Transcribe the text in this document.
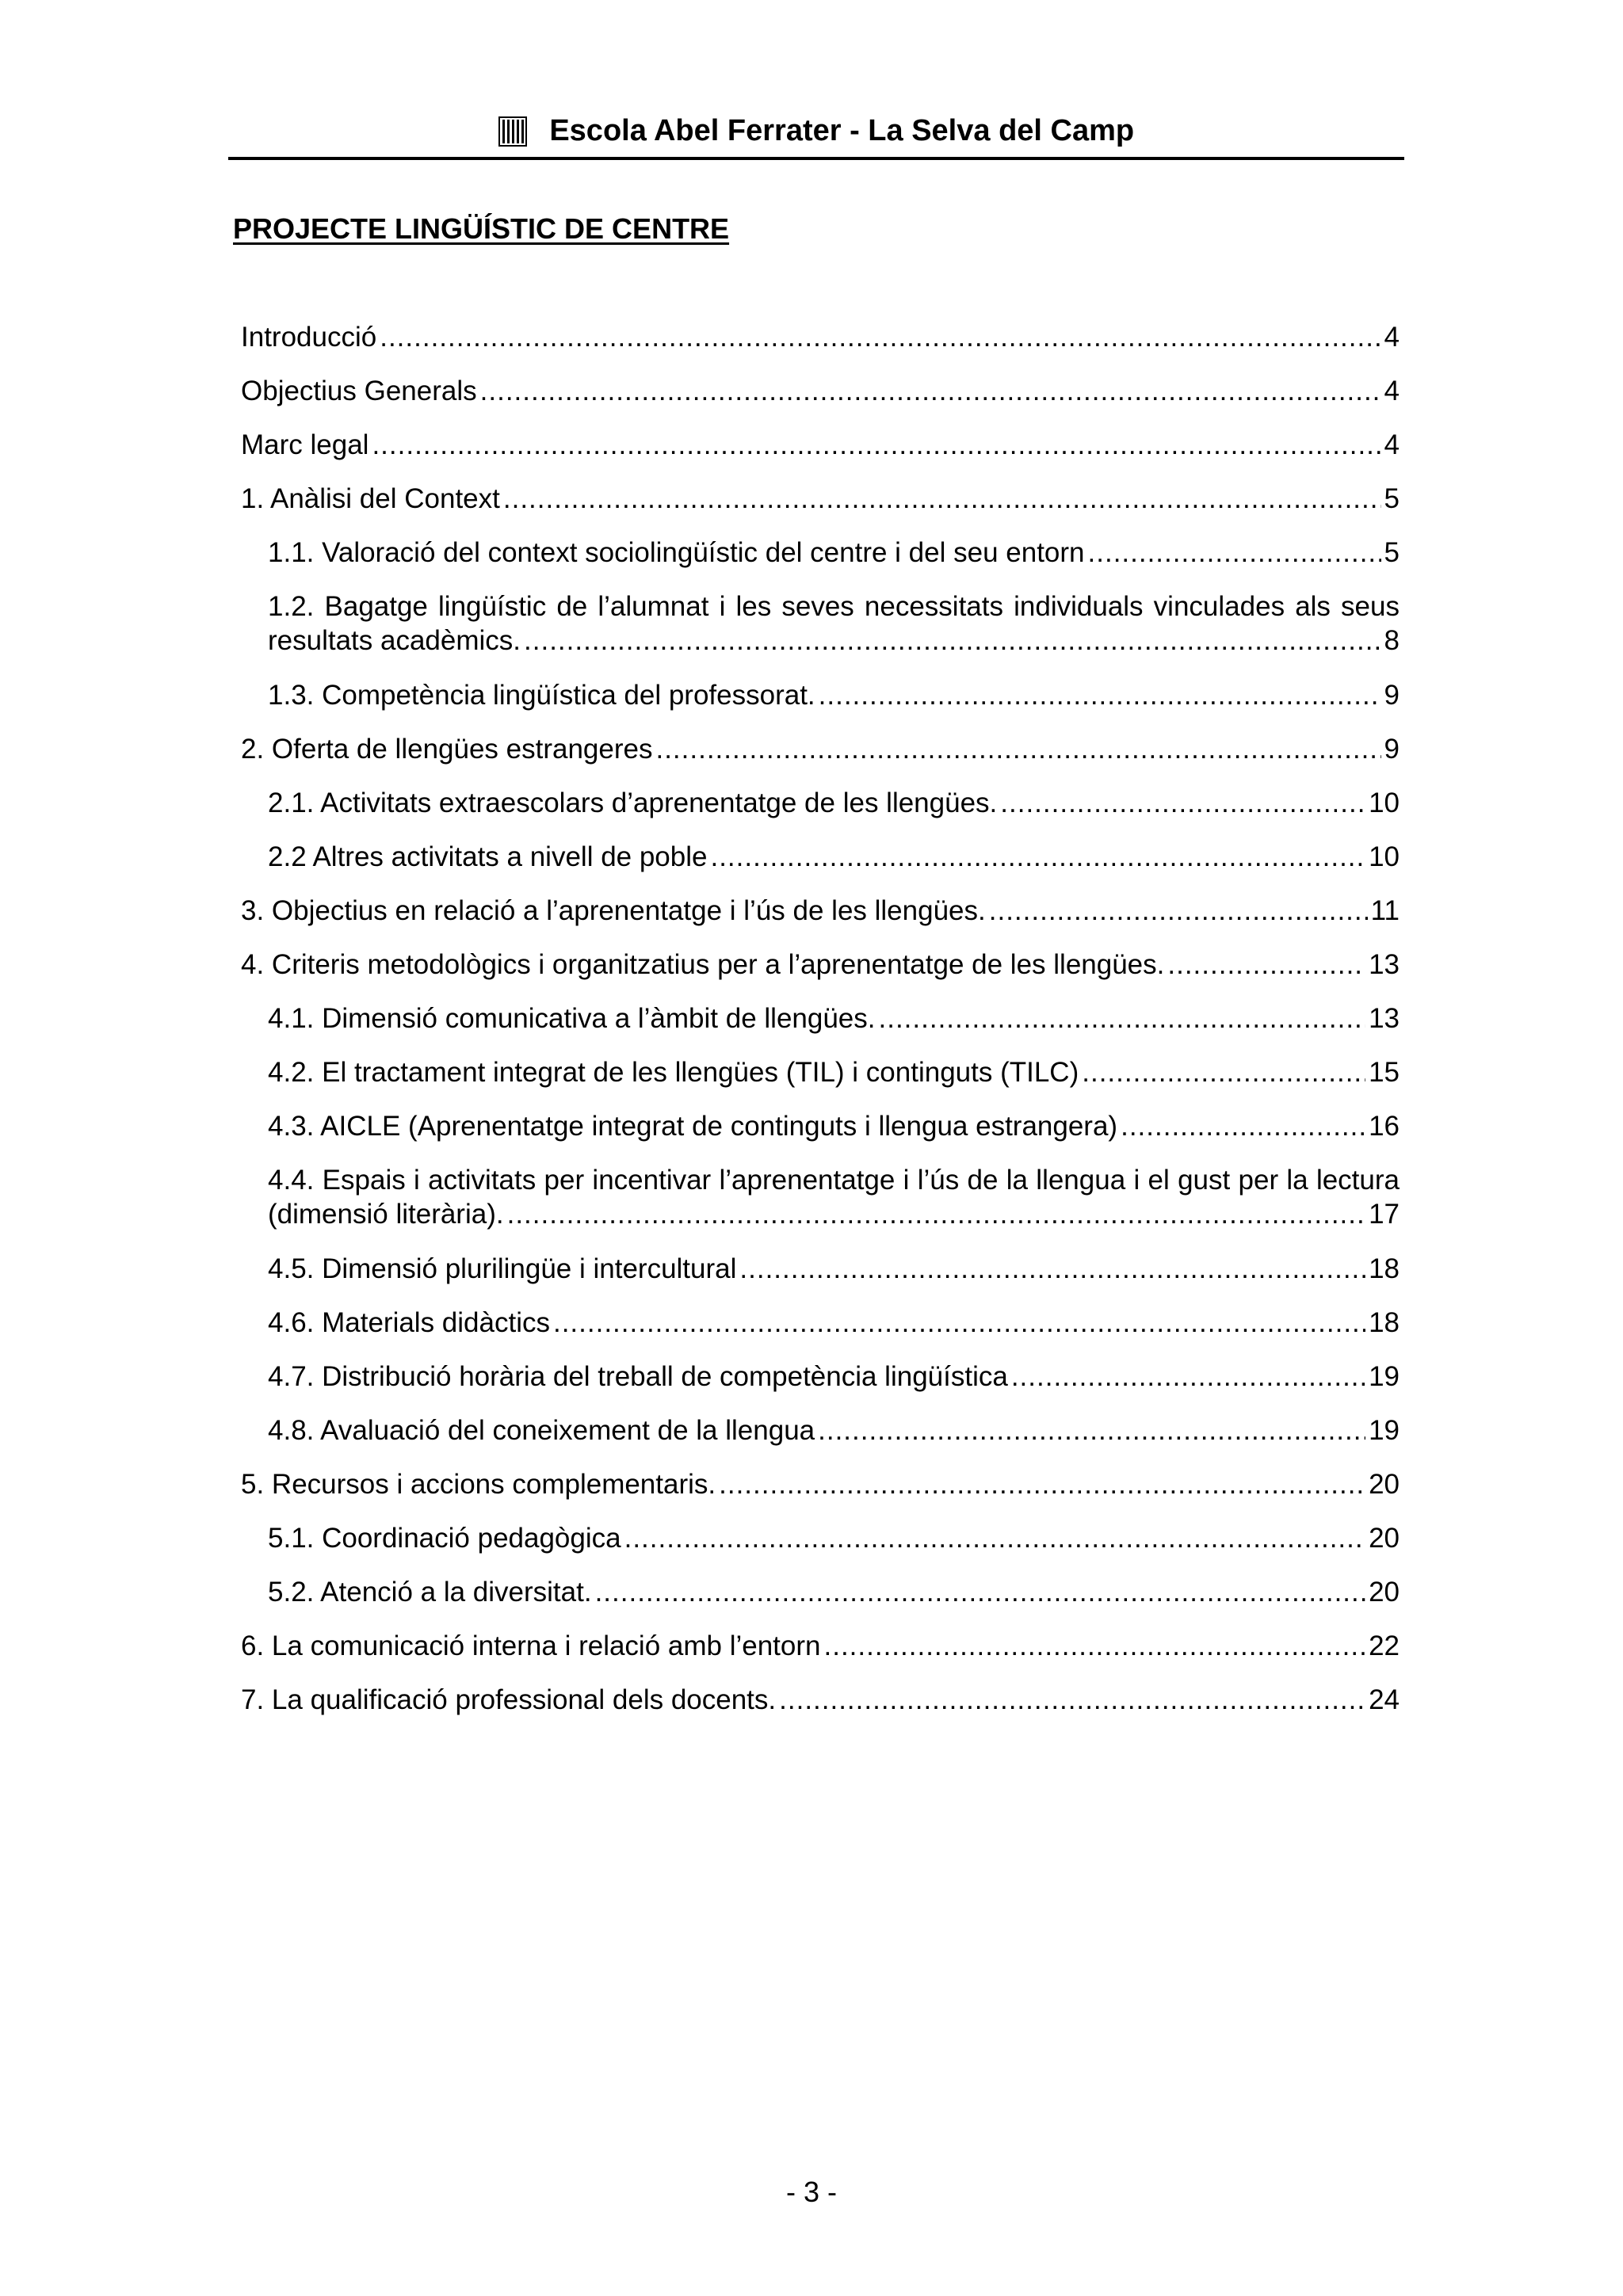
Escola Abel Ferrater - La Selva del Camp
PROJECTE LINGÜÍSTIC DE CENTRE
Introducció .....	4
Objectius Generals .....	4
Marc legal .....	4
1. Anàlisi del Context .....	5
1.1. Valoració del context sociolingüístic del centre i del seu entorn .....	5
1.2. Bagatge lingüístic de l’alumnat i les seves necessitats individuals vinculades als seus
resultats acadèmics. .....	8
1.3. Competència lingüística del professorat. .....	9
2. Oferta de llengües estrangeres .....	9
2.1. Activitats extraescolars d’aprenentatge de les llengües. .....	10
2.2 Altres activitats a nivell de poble .....	10
3. Objectius en relació a l’aprenentatge i l’ús de les llengües. .....	11
4. Criteris metodològics i organitzatius per a l’aprenentatge de les llengües. .....	13
4.1. Dimensió comunicativa a l’àmbit de llengües. .....	13
4.2. El tractament integrat de les llengües (TIL) i continguts (TILC) .....	15
4.3. AICLE (Aprenentatge integrat de continguts i llengua estrangera) .....	16
4.4. Espais i activitats per incentivar l’aprenentatge i l’ús de la llengua i el gust per la lectura
(dimensió literària). .....	17
4.5. Dimensió plurilingüe i intercultural .....	18
4.6. Materials didàctics .....	18
4.7. Distribució horària del treball de competència lingüística .....	19
4.8. Avaluació del coneixement de la llengua .....	19
5. Recursos i accions complementaris. .....	20
5.1. Coordinació pedagògica .....	20
5.2. Atenció a la diversitat. .....	20
6. La comunicació interna i relació amb l’entorn .....	22
7. La qualificació professional dels docents. .....	24
- 3 -
